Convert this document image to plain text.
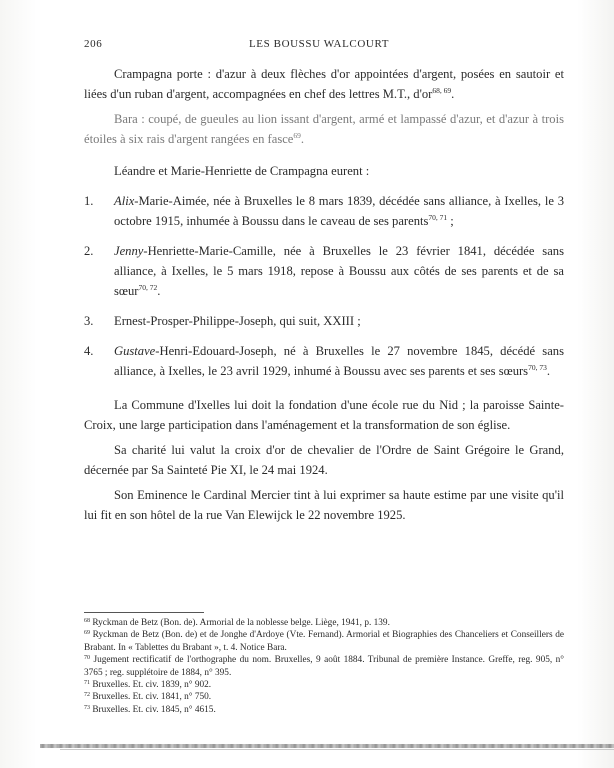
206	LES BOUSSU WALCOURT

Crampagna porte : d'azur à deux flèches d'or appointées d'argent, posées en sautoir et liées d'un ruban d'argent, accompagnées en chef des lettres M.T., d'or$^{68, 69}$.

Bara : coupé, de gueules au lion issant d'argent, armé et lampassé d'azur, et d'azur à trois étoiles à six rais d'argent rangées en fasce$^{69}$.

Léandre et Marie-Henriette de Crampagna eurent :

1. Alix-Marie-Aimée, née à Bruxelles le 8 mars 1839, décédée sans alliance, à Ixelles, le 3 octobre 1915, inhumée à Boussu dans le caveau de ses parents$^{70, 71}$ ;

2. Jenny-Henriette-Marie-Camille, née à Bruxelles le 23 février 1841, décédée sans alliance, à Ixelles, le 5 mars 1918, repose à Boussu aux côtés de ses parents et de sa sœur$^{70, 72}$.

3. Ernest-Prosper-Philippe-Joseph, qui suit, XXIII ;

4. Gustave-Henri-Edouard-Joseph, né à Bruxelles le 27 novembre 1845, décédé sans alliance, à Ixelles, le 23 avril 1929, inhumé à Boussu avec ses parents et ses sœurs$^{70, 73}$.

La Commune d'Ixelles lui doit la fondation d'une école rue du Nid ; la paroisse Sainte-Croix, une large participation dans l'aménagement et la transformation de son église.

Sa charité lui valut la croix d'or de chevalier de l'Ordre de Saint Grégoire le Grand, décernée par Sa Sainteté Pie XI, le 24 mai 1924.

Son Eminence le Cardinal Mercier tint à lui exprimer sa haute estime par une visite qu'il lui fit en son hôtel de la rue Van Elewijck le 22 novembre 1925.

$^{68}$ Ryckman de Betz (Bon. de). Armorial de la noblesse belge. Liège, 1941, p. 139.
$^{69}$ Ryckman de Betz (Bon. de) et de Jonghe d'Ardoye (Vte. Fernand). Armorial et Biographies des Chanceliers et Conseillers de Brabant. In « Tablettes du Brabant », t. 4. Notice Bara.
$^{70}$ Jugement rectificatif de l'orthographe du nom. Bruxelles, 9 août 1884. Tribunal de première Instance. Greffe, reg. 905, n° 3765 ; reg. supplétoire de 1884, n° 395.
$^{71}$ Bruxelles. Et. civ. 1839, n° 902.
$^{72}$ Bruxelles. Et. civ. 1841, n° 750.
$^{73}$ Bruxelles. Et. civ. 1845, n° 4615.
